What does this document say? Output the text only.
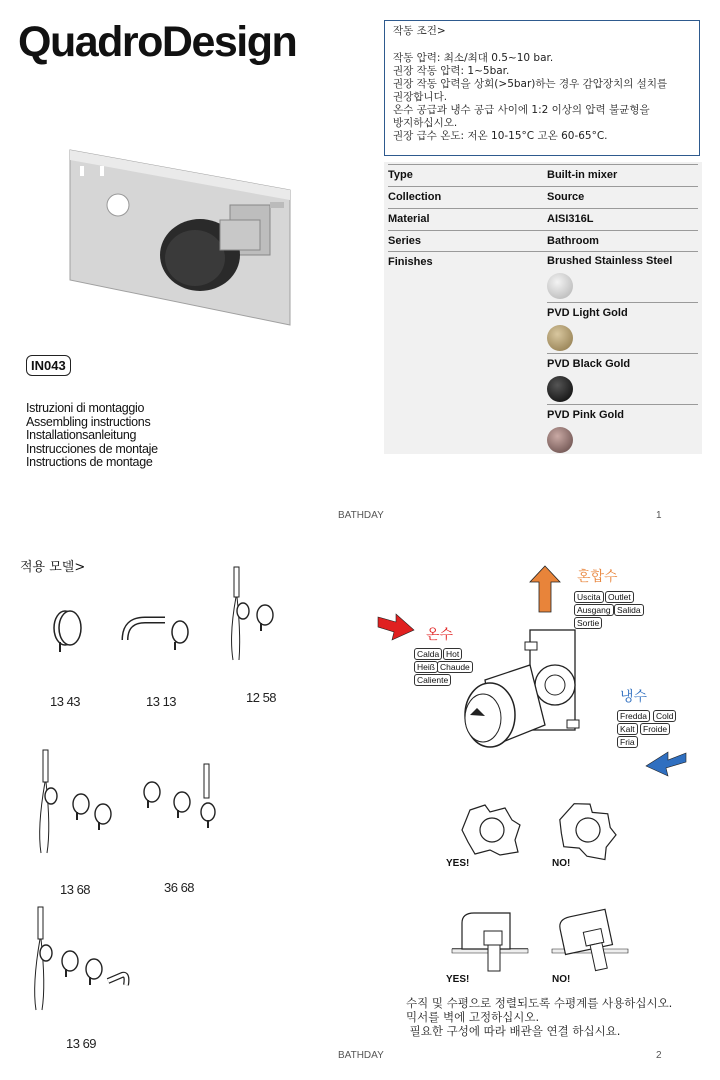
QuadroDesign	작동 조건>
작동 압력: 최소/최대 0.5~10 bar.
권장 작동 압력: 1~5bar.
권장 작동 압력을 상회(>5bar)하는 경우 감압장치의 설치를
권장합니다.
온수 공급과 냉수 공급 사이에 1:2 이상의 압력 불균형을
방지하십시오.
권장 급수 온도: 저온 10-15°C 고온 60-65°C.
Type	Built-in mixer
Collection	Source
Material	AISI316L
Series	Bathroom
Finishes	Brushed Stainless Steel
PVD Light Gold
PVD Black Gold
PVD Pink Gold
IN043
Istruzioni di montaggio
Assembling instructions
Installationsanleitung
Instrucciones de montaje
Instructions de montage
BATHDAY	1
적용 모델>
13 43	13 13	12 58
13 68	36 68
13 69
혼합수
Uscita Outlet
Ausgang Salida
Sortie
온수
Calda Hot
Heiß Chaude
Caliente
냉수
Fredda	Cold
Kalt Froide
Fria
YES!	NO!
YES!	NO!
수직 및 수평으로 정렬되도록 수평계를 사용하십시오.
믹서를 벽에 고정하십시오.
필요한 구성에 따라 배관을 연결 하십시요.
BATHDAY	2
